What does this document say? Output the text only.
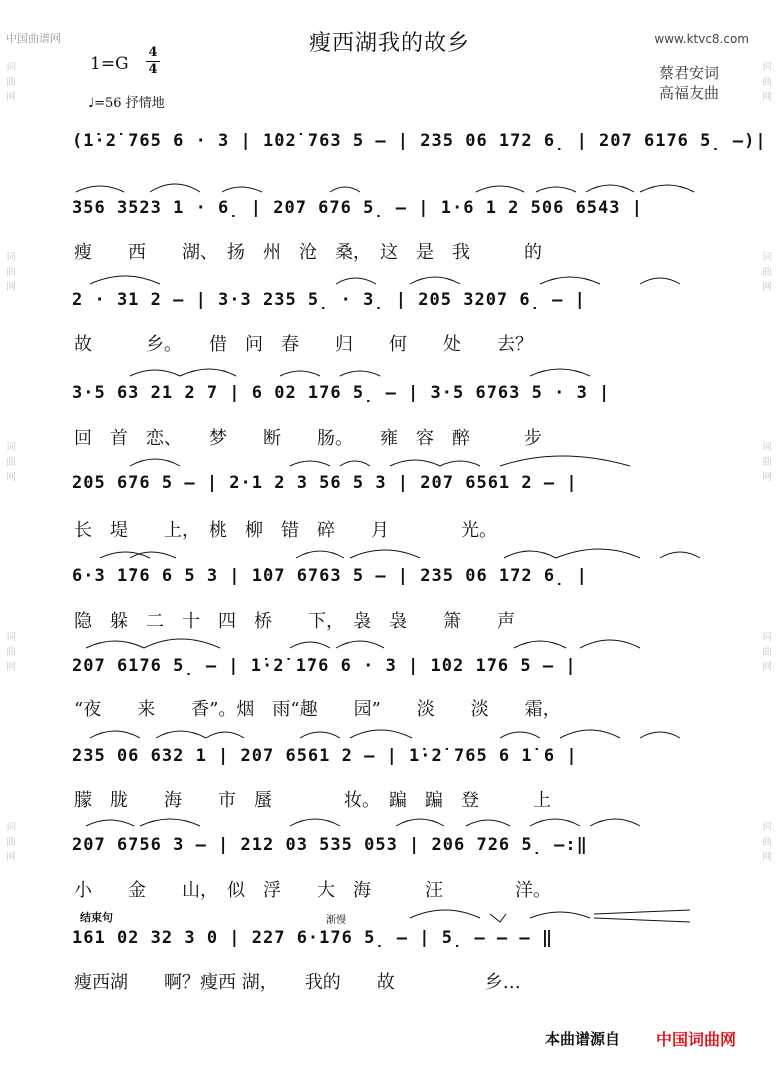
中国曲谱网	www.ktvc8.com
词
曲
网
词
曲
网
词
曲
网
词
曲
网
词
曲
网
词
曲
网
词
曲
网
词
曲
网
词
曲
网
词
曲
网
瘦西湖我的故乡
1=G
4
4
♩=56 抒情地
蔡君安词
高福友曲
(1̇·2̇ 765 6 · 3 | 1̇02̇ 763 5 – | 235 06 172 6̣ | 207 6176 5̣ –)|
356 3523 1 · 6̣ | 207 676 5̣ – | 1·6 1 2 506 6543 |
2 · 31 2 – | 3·3 235 5̣ · 3̣ | 205 3207 6̣ – |
3·5 63 21 2 7 | 6 02 176 5̣ – | 3·5 6763 5 · 3 |
205 676 5 – | 2·1 2 3 56 5 3 | 207 6561 2 – |
6·3 1̇76 6 5 3 | 1̇07 6763 5 – | 235 06 172 6̣ |
207 6176 5̣ – | 1̇·2̇ 1̇76 6 · 3 | 1̇02 1̇76 5 – |
235 06 632 1 | 207 6561 2 – | 1̇·2̇ 765 6 1̇ 6 |
207 6756 3 – | 212 03 535 053 | 206 726 5̣ –:‖
161 02 32 3 0 | 227 6·176 5̣ – | 5̣ – – – ‖
瘦　　西　　湖、　扬　州　沧　桑，　这　是　我　　　的
故　　　乡。　　借　问　春　　归　　何　　处　　去？
回　首　恋、　　梦　　断　　肠。　　雍　容　醉　　　步
长　堤　　上，　桃　柳　错　碎　　月　　　　光。
隐　躲　二　十　四　桥　　下，　袅　袅　　箫　　声
“夜　　来　　香”。烟　雨“趣　　园”　　淡　　淡　　霜，
朦　胧　　海　　市　蜃　　　　妆。　蹁　蹁　登　　　上
小　　金　　山，　似　浮　　大　海　　　汪　　　　洋。
瘦西湖　　啊？瘦西 湖，　　我的　　故　　　　　乡…
结束句	渐慢
本曲谱源自 中国词曲网
